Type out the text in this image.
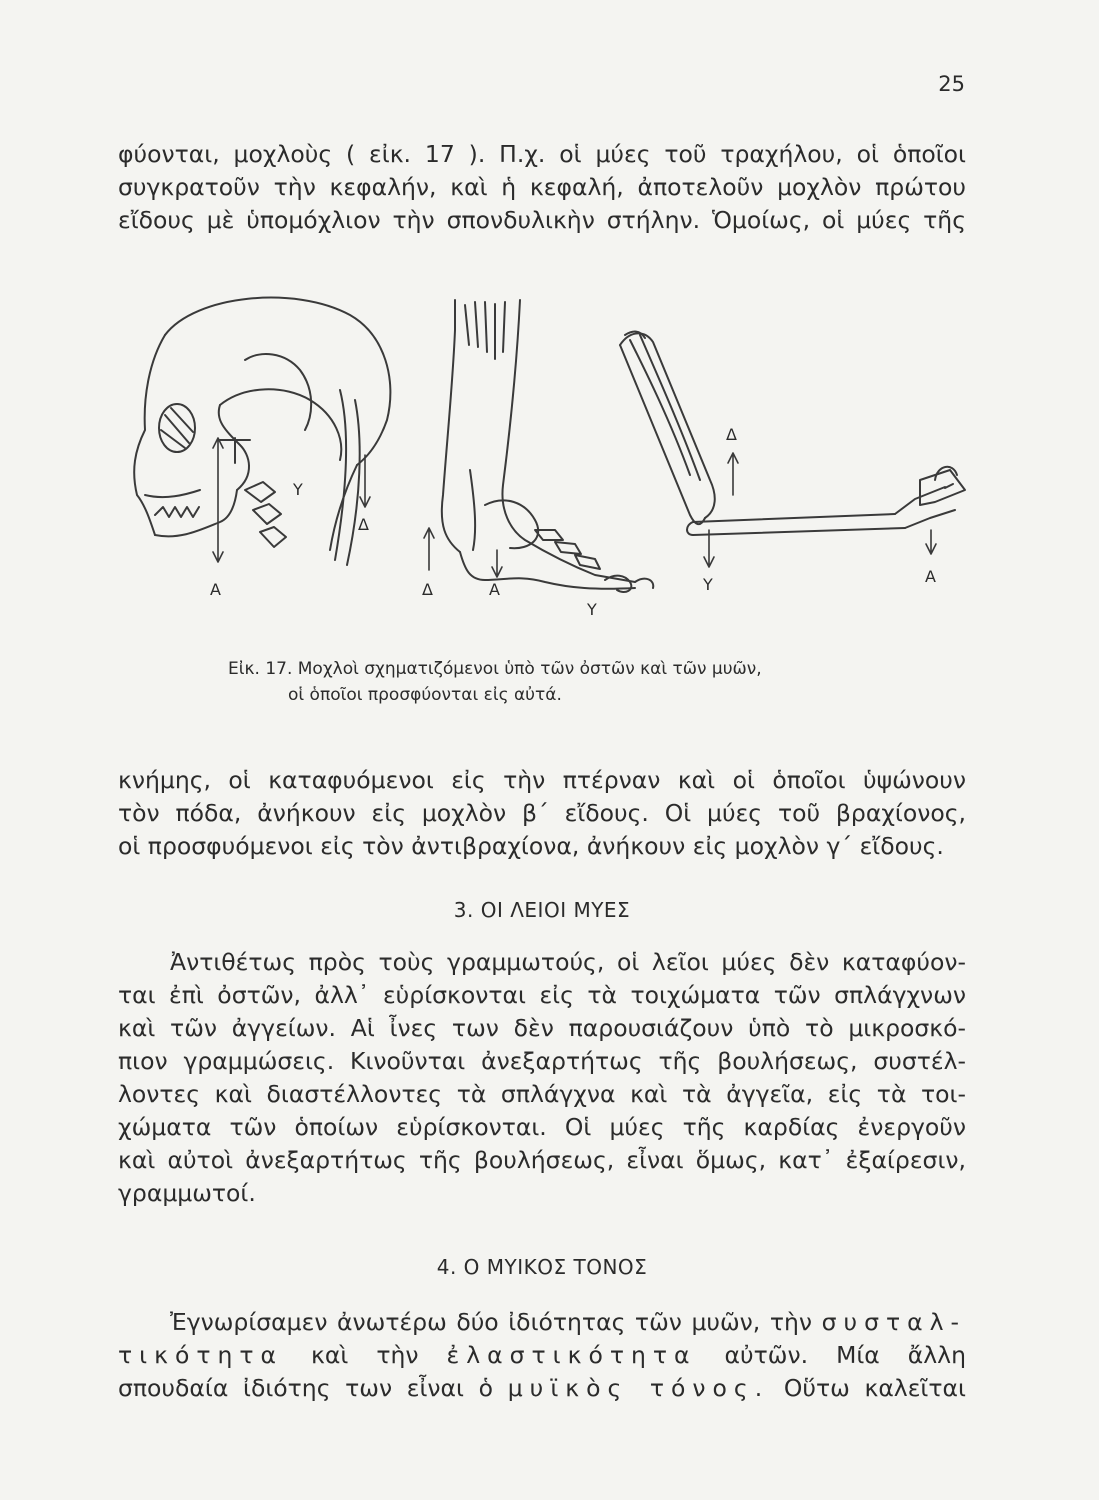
25
φύονται, μοχλοὺς ( εἰκ. 17 ). Π.χ. οἱ μύες τοῦ τραχήλου, οἱ ὁποῖοι
συγκρατοῦν τὴν κεφαλήν, καὶ ἡ κεφαλή, ἀποτελοῦν μοχλὸν πρώτου
εἴδους μὲ ὑπομόχλιον τὴν σπονδυλικὴν στήλην. Ὁμοίως, οἱ μύες τῆς
Α
Υ
Δ
Δ	Α
Υ
Δ
Υ	Α
Εἰκ. 17. Μοχλοὶ σχηματιζόμενοι ὑπὸ τῶν ὀστῶν καὶ τῶν μυῶν,
οἱ ὁποῖοι προσφύονται εἰς αὐτά.
κνήμης, οἱ καταφυόμενοι εἰς τὴν πτέρναν καὶ οἱ ὁποῖοι ὑψώνουν
τὸν πόδα, ἀνήκουν εἰς μοχλὸν β΄ εἴδους. Οἱ μύες τοῦ βραχίονος,
οἱ προσφυόμενοι εἰς τὸν ἀντιβραχίονα, ἀνήκουν εἰς μοχλὸν γ΄ εἴδους.
3. ΟΙ ΛΕΙΟΙ ΜΥΕΣ
Ἀντιθέτως πρὸς τοὺς γραμμωτούς, οἱ λεῖοι μύες δὲν καταφύον-
ται ἐπὶ ὀστῶν, ἀλλ᾽ εὑρίσκονται εἰς τὰ τοιχώματα τῶν σπλάγχνων
καὶ τῶν ἀγγείων. Αἱ ἶνες των δὲν παρουσιάζουν ὑπὸ τὸ μικροσκό-
πιον γραμμώσεις. Κινοῦνται ἀνεξαρτήτως τῆς βουλήσεως, συστέλ-
λοντες καὶ διαστέλλοντες τὰ σπλάγχνα καὶ τὰ ἀγγεῖα, εἰς τὰ τοι-
χώματα τῶν ὁποίων εὑρίσκονται. Οἱ μύες τῆς καρδίας ἐνεργοῦν
καὶ αὐτοὶ ἀνεξαρτήτως τῆς βουλήσεως, εἶναι ὅμως, κατ᾽ ἐξαίρεσιν,
γραμμωτοί.
4. Ο ΜΥΙΚΟΣ ΤΟΝΟΣ
Ἐγνωρίσαμεν ἀνωτέρω δύο ἰδιότητας τῶν μυῶν, τὴν συσταλ-
τικότητα καὶ τὴν ἐλαστικότητα αὐτῶν. Μία ἄλλη
σπουδαία ἰδιότης των εἶναι ὁ μυϊκὸς τόνος. Οὕτω καλεῖται
